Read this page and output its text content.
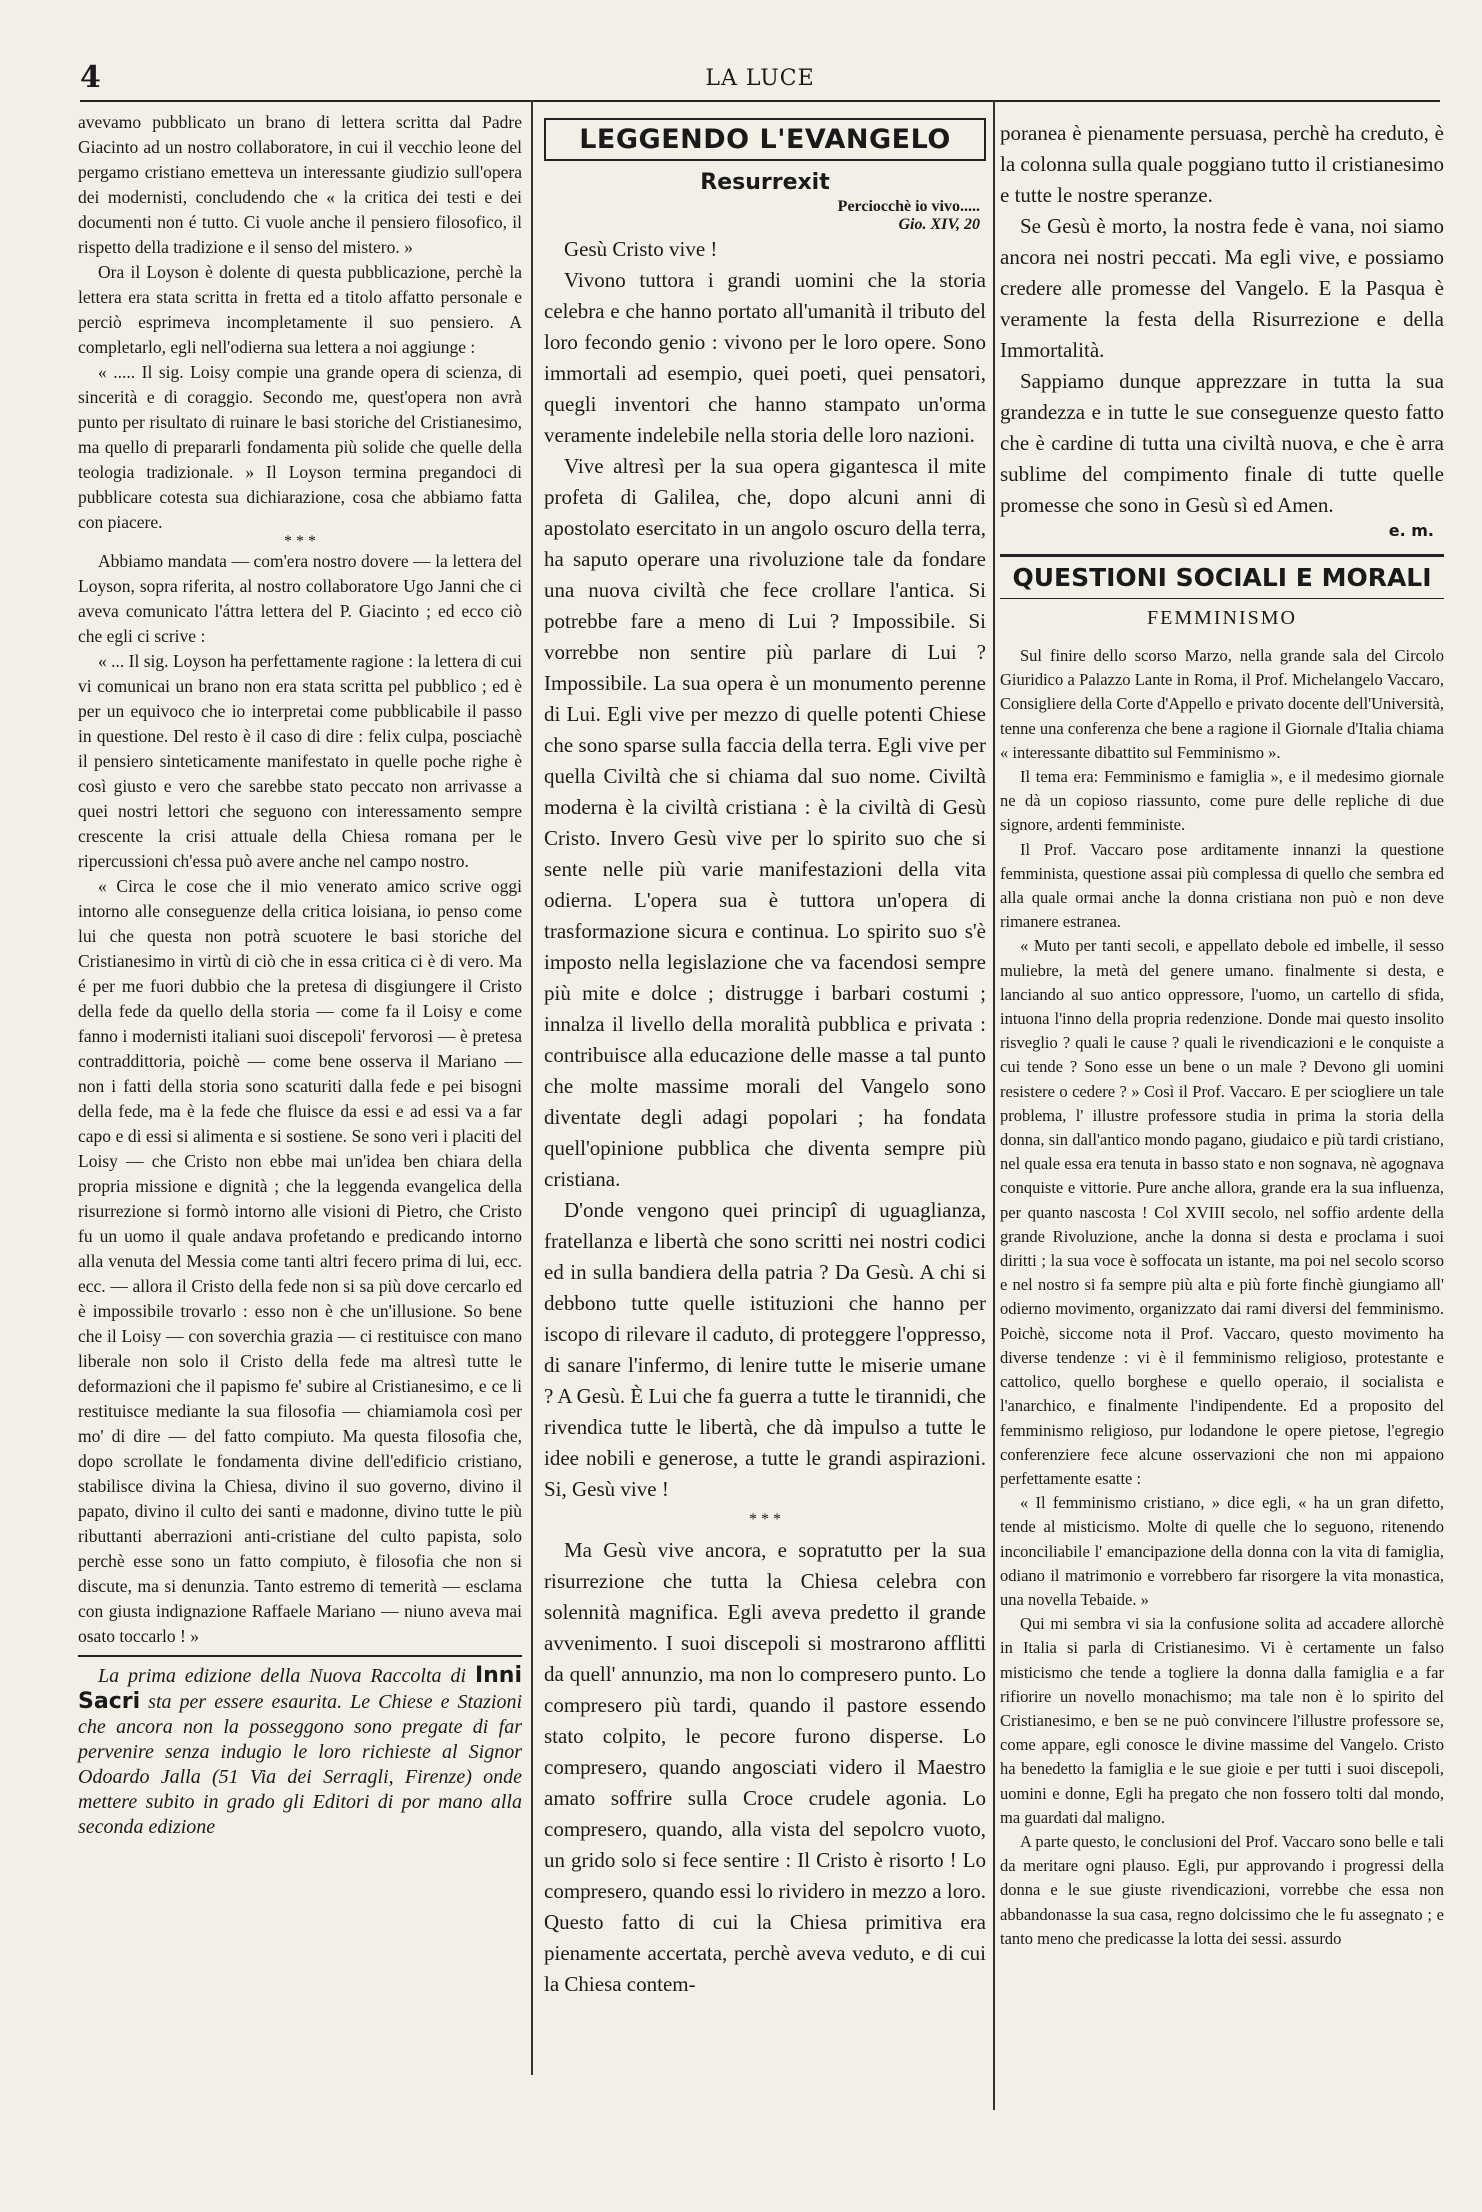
4	LA LUCE

avevamo pubblicato un brano di lettera scritta dal Padre Giacinto ad un nostro collaboratore, in cui il vecchio leone del pergamo cristiano emetteva un interessante giudizio sull'opera dei modernisti, concludendo che « la critica dei testi e dei documenti non é tutto. Ci vuole anche il pensiero filosofico, il rispetto della tradizione e il senso del mistero. »

Ora il Loyson è dolente di questa pubblicazione, perchè la lettera era stata scritta in fretta ed a titolo affatto personale e perciò esprimeva incompletamente il suo pensiero. A completarlo, egli nell'odierna sua lettera a noi aggiunge :

« ..... Il sig. Loisy compie una grande opera di scienza, di sincerità e di coraggio. Secondo me, quest'opera non avrà punto per risultato di ruinare le basi storiche del Cristianesimo, ma quello di prepararli fondamenta più solide che quelle della teologia tradizionale. » Il Loyson termina pregandoci di pubblicare cotesta sua dichiarazione, cosa che abbiamo fatta con piacere.

* * *

Abbiamo mandata — com'era nostro dovere — la lettera del Loyson, sopra riferita, al nostro collaboratore Ugo Janni che ci aveva comunicato l'áttra lettera del P. Giacinto ; ed ecco ciò che egli ci scrive :

« ... Il sig. Loyson ha perfettamente ragione : la lettera di cui vi comunicai un brano non era stata scritta pel pubblico ; ed è per un equivoco che io interpretai come pubblicabile il passo in questione. Del resto è il caso di dire : felix culpa, posciachè il pensiero sinteticamente manifestato in quelle poche righe è così giusto e vero che sarebbe stato peccato non arrivasse a quei nostri lettori che seguono con interessamento sempre crescente la crisi attuale della Chiesa romana per le ripercussioni ch'essa può avere anche nel campo nostro.

« Circa le cose che il mio venerato amico scrive oggi intorno alle conseguenze della critica loisiana, io penso come lui che questa non potrà scuotere le basi storiche del Cristianesimo in virtù di ciò che in essa critica ci è di vero. Ma é per me fuori dubbio che la pretesa di disgiungere il Cristo della fede da quello della storia — come fa il Loisy e come fanno i modernisti italiani suoi discepoli' fervorosi — è pretesa contraddittoria, poichè — come bene osserva il Mariano — non i fatti della storia sono scaturiti dalla fede e pei bisogni della fede, ma è la fede che fluisce da essi e ad essi va a far capo e di essi si alimenta e si sostiene. Se sono veri i placiti del Loisy — che Cristo non ebbe mai un'idea ben chiara della propria missione e dignità ; che la leggenda evangelica della risurrezione si formò intorno alle visioni di Pietro, che Cristo fu un uomo il quale andava profetando e predicando intorno alla venuta del Messia come tanti altri fecero prima di lui, ecc. ecc. — allora il Cristo della fede non si sa più dove cercarlo ed è impossibile trovarlo : esso non è che un'illusione. So bene che il Loisy — con soverchia grazia — ci restituisce con mano liberale non solo il Cristo della fede ma altresì tutte le deformazioni che il papismo fe' subire al Cristianesimo, e ce li restituisce mediante la sua filosofia — chiamiamola così per mo' di dire — del fatto compiuto. Ma questa filosofia che, dopo scrollate le fondamenta divine dell'edificio cristiano, stabilisce divina la Chiesa, divino il suo governo, divino il papato, divino il culto dei santi e madonne, divino tutte le più ributtanti aberrazioni anti-cristiane del culto papista, solo perchè esse sono un fatto compiuto, è filosofia che non si discute, ma si denunzia. Tanto estremo di temerità — esclama con giusta indignazione Raffaele Mariano — niuno aveva mai osato toccarlo ! »

La prima edizione della Nuova Raccolta di Inni Sacri sta per essere esaurita. Le Chiese e Stazioni che ancora non la posseggono sono pregate di far pervenire senza indugio le loro richieste al Signor Odoardo Jalla (51 Via dei Serragli, Firenze) onde mettere subito in grado gli Editori di por mano alla seconda edizione
LEGGENDO L'EVANGELO
Resurrexit
Perciocchè io vivo.....
Gio. XIV, 20

Gesù Cristo vive !

Vivono tuttora i grandi uomini che la storia celebra e che hanno portato all'umanità il tributo del loro fecondo genio : vivono per le loro opere. Sono immortali ad esempio, quei poeti, quei pensatori, quegli inventori che hanno stampato un'orma veramente indelebile nella storia delle loro nazioni.

Vive altresì per la sua opera gigantesca il mite profeta di Galilea, che, dopo alcuni anni di apostolato esercitato in un angolo oscuro della terra, ha saputo operare una rivoluzione tale da fondare una nuova civiltà che fece crollare l'antica. Si potrebbe fare a meno di Lui ? Impossibile. Si vorrebbe non sentire più parlare di Lui ? Impossibile. La sua opera è un monumento perenne di Lui. Egli vive per mezzo di quelle potenti Chiese che sono sparse sulla faccia della terra. Egli vive per quella Civiltà che si chiama dal suo nome. Civiltà moderna è la civiltà cristiana : è la civiltà di Gesù Cristo. Invero Gesù vive per lo spirito suo che si sente nelle più varie manifestazioni della vita odierna. L'opera sua è tuttora un'opera di trasformazione sicura e continua. Lo spirito suo s'è imposto nella legislazione che va facendosi sempre più mite e dolce ; distrugge i barbari costumi ; innalza il livello della moralità pubblica e privata : contribuisce alla educazione delle masse a tal punto che molte massime morali del Vangelo sono diventate degli adagi popolari ; ha fondata quell'opinione pubblica che diventa sempre più cristiana.

D'onde vengono quei principî di uguaglianza, fratellanza e libertà che sono scritti nei nostri codici ed in sulla bandiera della patria ? Da Gesù. A chi si debbono tutte quelle istituzioni che hanno per iscopo di rilevare il caduto, di proteggere l'oppresso, di sanare l'infermo, di lenire tutte le miserie umane ? A Gesù. È Lui che fa guerra a tutte le tirannidi, che rivendica tutte le libertà, che dà impulso a tutte le idee nobili e generose, a tutte le grandi aspirazioni. Si, Gesù vive !

* * *

Ma Gesù vive ancora, e sopratutto per la sua risurrezione che tutta la Chiesa celebra con solennità magnifica. Egli aveva predetto il grande avvenimento. I suoi discepoli si mostrarono afflitti da quell' annunzio, ma non lo compresero punto. Lo compresero più tardi, quando il pastore essendo stato colpito, le pecore furono disperse. Lo compresero, quando angosciati videro il Maestro amato soffrire sulla Croce crudele agonia. Lo compresero, quando, alla vista del sepolcro vuoto, un grido solo si fece sentire : Il Cristo è risorto ! Lo compresero, quando essi lo rividero in mezzo a loro. Questo fatto di cui la Chiesa primitiva era pienamente accertata, perchè aveva veduto, e di cui la Chiesa contem-

poranea è pienamente persuasa, perchè ha creduto, è la colonna sulla quale poggiano tutto il cristianesimo e tutte le nostre speranze.

Se Gesù è morto, la nostra fede è vana, noi siamo ancora nei nostri peccati. Ma egli vive, e possiamo credere alle promesse del Vangelo. E la Pasqua è veramente la festa della Risurrezione e della Immortalità.

Sappiamo dunque apprezzare in tutta la sua grandezza e in tutte le sue conseguenze questo fatto che è cardine di tutta una civiltà nuova, e che è arra sublime del compimento finale di tutte quelle promesse che sono in Gesù sì ed Amen.

e. m.
QUESTIONI SOCIALI E MORALI
FEMMINISMO

Sul finire dello scorso Marzo, nella grande sala del Circolo Giuridico a Palazzo Lante in Roma, il Prof. Michelangelo Vaccaro, Consigliere della Corte d'Appello e privato docente dell'Università, tenne una conferenza che bene a ragione il Giornale d'Italia chiama « interessante dibattito sul Femminismo ».

Il tema era: Femminismo e famiglia », e il medesimo giornale ne dà un copioso riassunto, come pure delle repliche di due signore, ardenti femministe.

Il Prof. Vaccaro pose arditamente innanzi la questione femminista, questione assai più complessa di quello che sembra ed alla quale ormai anche la donna cristiana non può e non deve rimanere estranea.

« Muto per tanti secoli, e appellato debole ed imbelle, il sesso muliebre, la metà del genere umano. finalmente si desta, e lanciando al suo antico oppressore, l'uomo, un cartello di sfida, intuona l'inno della propria redenzione. Donde mai questo insolito risveglio ? quali le cause ? quali le rivendicazioni e le conquiste a cui tende ? Sono esse un bene o un male ? Devono gli uomini resistere o cedere ? » Così il Prof. Vaccaro. E per sciogliere un tale problema, l' illustre professore studia in prima la storia della donna, sin dall'antico mondo pagano, giudaico e più tardi cristiano, nel quale essa era tenuta in basso stato e non sognava, nè agognava conquiste e vittorie. Pure anche allora, grande era la sua influenza, per quanto nascosta ! Col XVIII secolo, nel soffio ardente della grande Rivoluzione, anche la donna si desta e proclama i suoi diritti ; la sua voce è soffocata un istante, ma poi nel secolo scorso e nel nostro si fa sempre più alta e più forte finchè giungiamo all' odierno movimento, organizzato dai rami diversi del femminismo. Poichè, siccome nota il Prof. Vaccaro, questo movimento ha diverse tendenze : vi è il femminismo religioso, protestante e cattolico, quello borghese e quello operaio, il socialista e l'anarchico, e finalmente l'indipendente. Ed a proposito del femminismo religioso, pur lodandone le opere pietose, l'egregio conferenziere fece alcune osservazioni che non mi appaiono perfettamente esatte :

« Il femminismo cristiano, » dice egli, « ha un gran difetto, tende al misticismo. Molte di quelle che lo seguono, ritenendo inconciliabile l' emancipazione della donna con la vita di famiglia, odiano il matrimonio e vorrebbero far risorgere la vita monastica, una novella Tebaide. »

Qui mi sembra vi sia la confusione solita ad accadere allorchè in Italia si parla di Cristianesimo. Vi è certamente un falso misticismo che tende a togliere la donna dalla famiglia e a far rifiorire un novello monachismo; ma tale non è lo spirito del Cristianesimo, e ben se ne può convincere l'illustre professore se, come appare, egli conosce le divine massime del Vangelo. Cristo ha benedetto la famiglia e le sue gioie e per tutti i suoi discepoli, uomini e donne, Egli ha pregato che non fossero tolti dal mondo, ma guardati dal maligno.

A parte questo, le conclusioni del Prof. Vaccaro sono belle e tali da meritare ogni plauso. Egli, pur approvando i progressi della donna e le sue giuste rivendicazioni, vorrebbe che essa non abbandonasse la sua casa, regno dolcissimo che le fu assegnato ; e tanto meno che predicasse la lotta dei sessi. assurdo
